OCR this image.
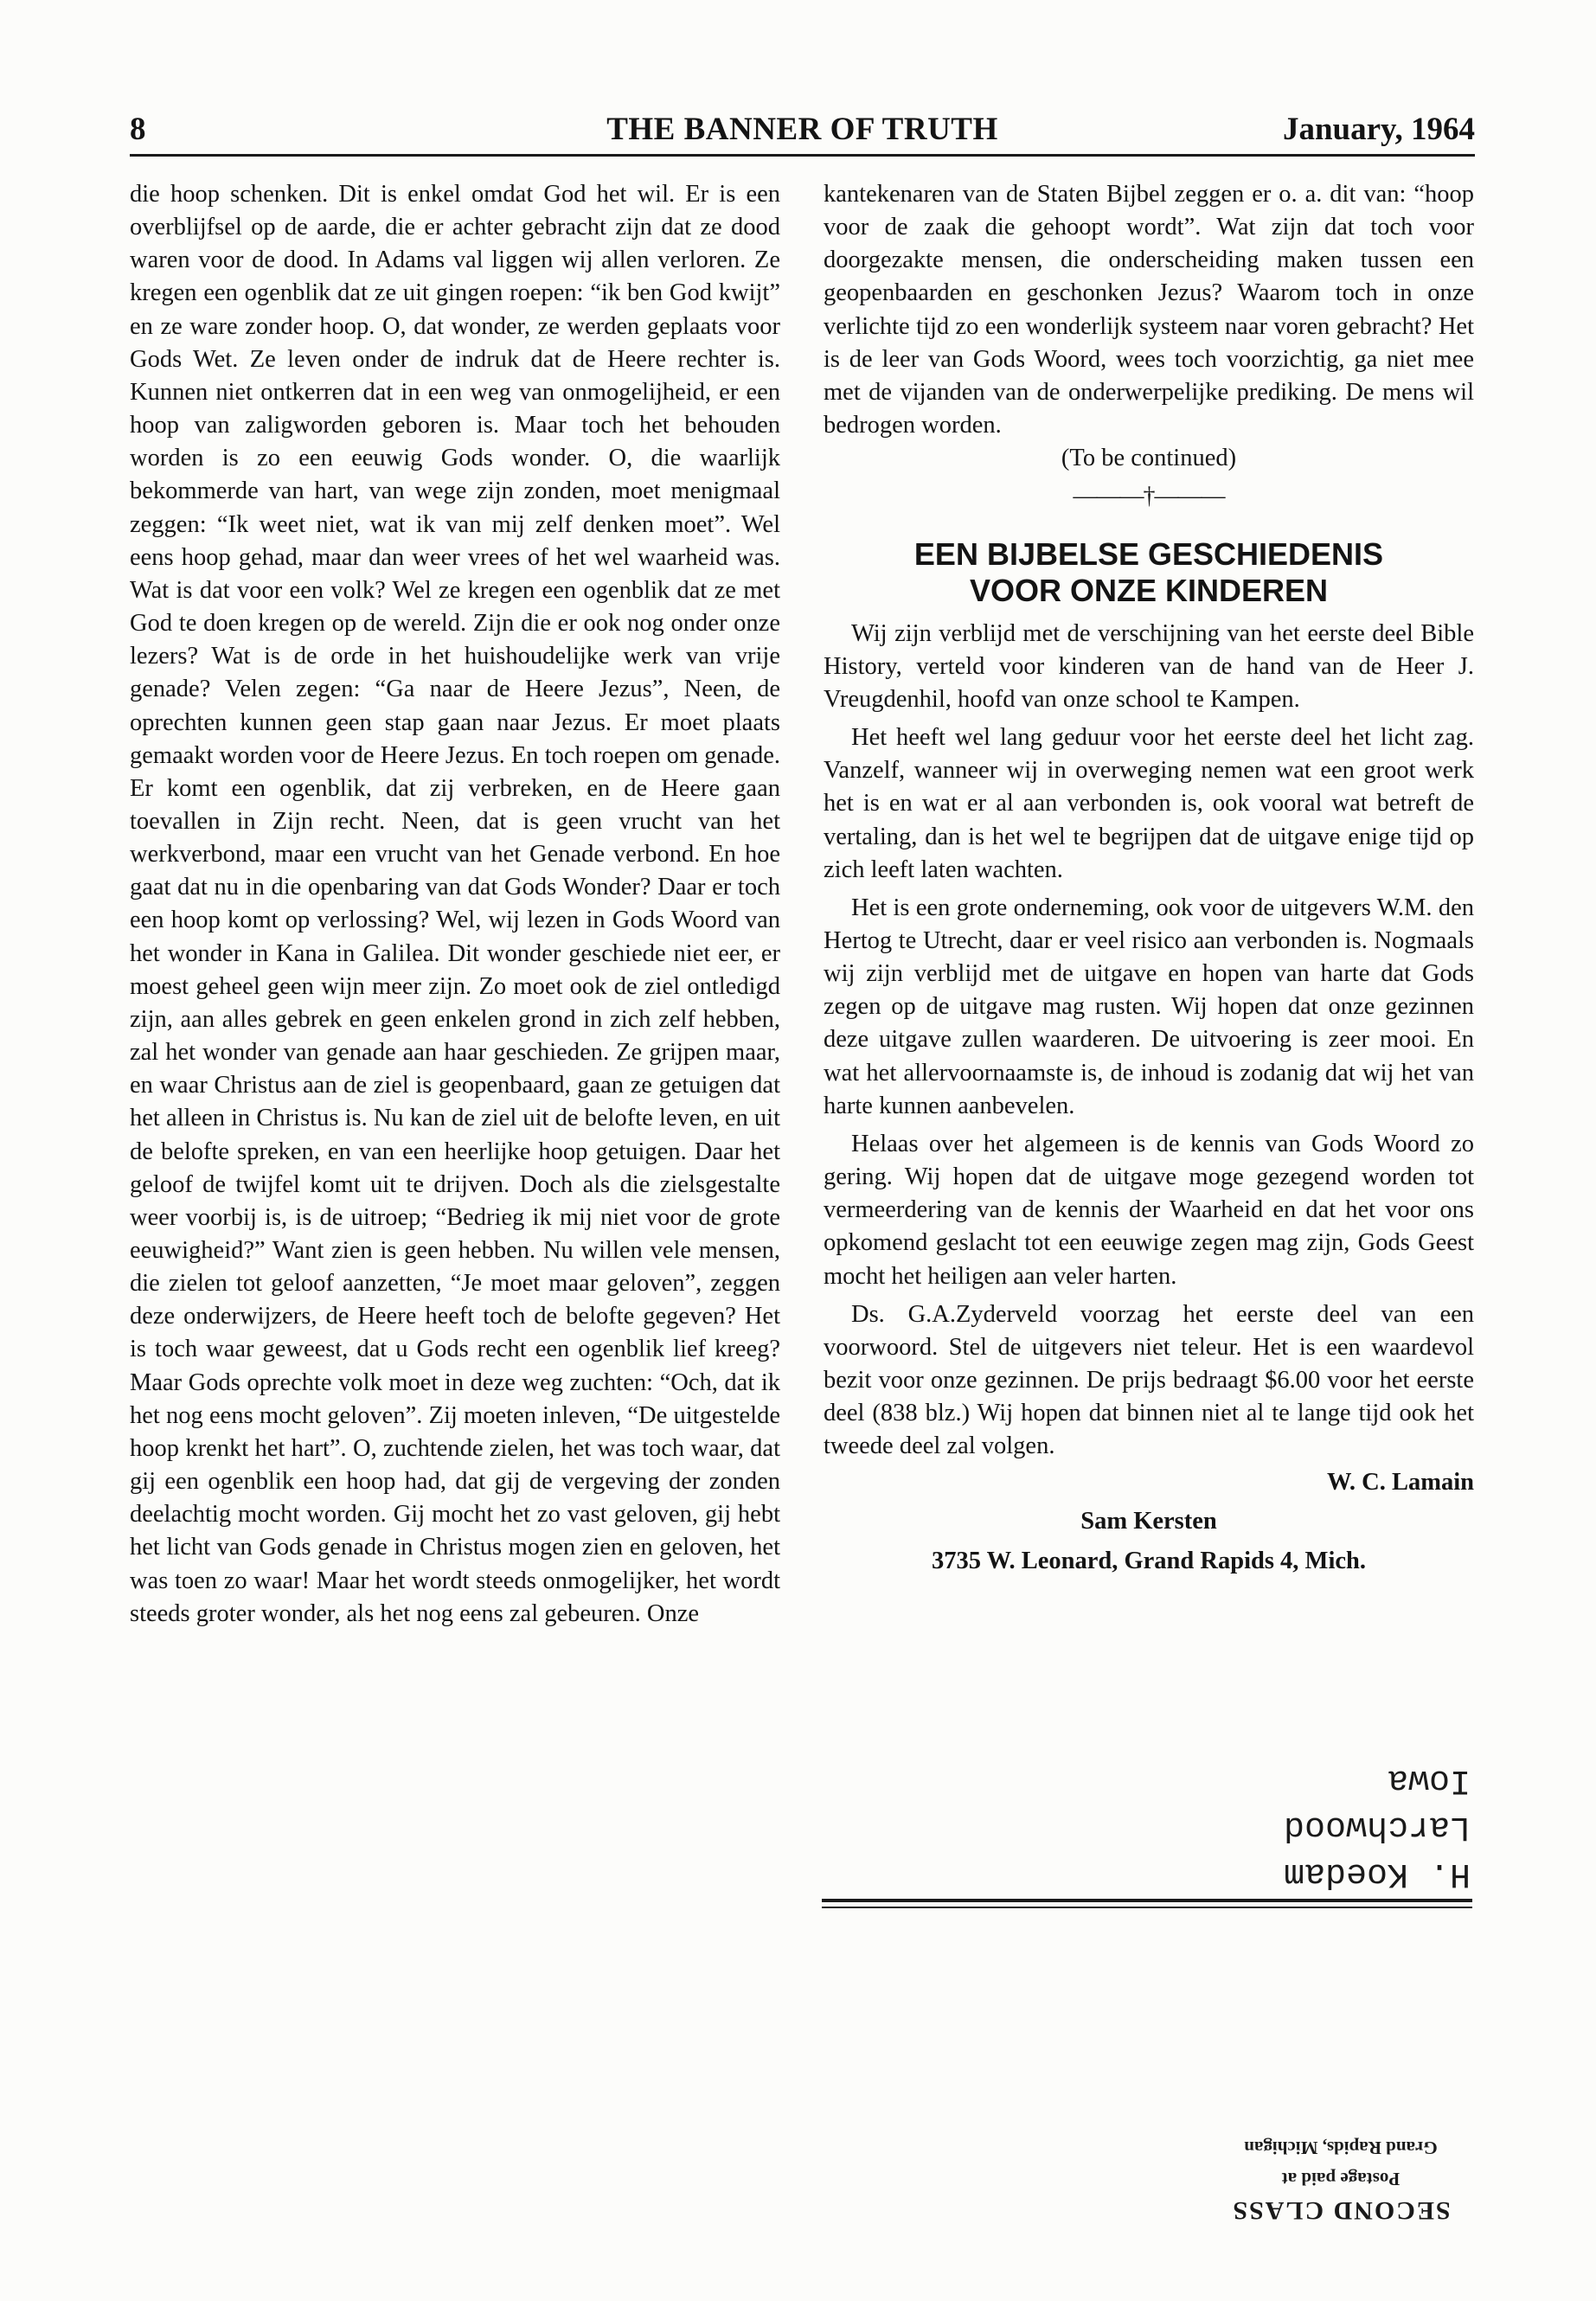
8	THE BANNER OF TRUTH	January, 1964

die hoop schenken. Dit is enkel omdat God het wil. Er is een overblijfsel op de aarde, die er achter gebracht zijn dat ze dood waren voor de dood. In Adams val liggen wij allen verloren. Ze kregen een ogenblik dat ze uit gingen roepen: “ik ben God kwijt” en ze ware zonder hoop. O, dat wonder, ze werden geplaats voor Gods Wet. Ze leven onder de indruk dat de Heere rechter is. Kunnen niet ontkerren dat in een weg van onmogelijheid, er een hoop van zaligworden geboren is. Maar toch het behouden worden is zo een eeuwig Gods wonder. O, die waarlijk bekommerde van hart, van wege zijn zonden, moet menigmaal zeggen: “Ik weet niet, wat ik van mij zelf denken moet”. Wel eens hoop gehad, maar dan weer vrees of het wel waarheid was. Wat is dat voor een volk? Wel ze kregen een ogenblik dat ze met God te doen kregen op de wereld. Zijn die er ook nog onder onze lezers? Wat is de orde in het huishoudelijke werk van vrije genade? Velen zegen: “Ga naar de Heere Jezus”, Neen, de oprechten kunnen geen stap gaan naar Jezus. Er moet plaats gemaakt worden voor de Heere Jezus. En toch roepen om genade. Er komt een ogenblik, dat zij verbreken, en de Heere gaan toevallen in Zijn recht. Neen, dat is geen vrucht van het werkverbond, maar een vrucht van het Genade verbond. En hoe gaat dat nu in die openbaring van dat Gods Wonder? Daar er toch een hoop komt op verlossing? Wel, wij lezen in Gods Woord van het wonder in Kana in Galilea. Dit wonder geschiede niet eer, er moest geheel geen wijn meer zijn. Zo moet ook de ziel ontledigd zijn, aan alles gebrek en geen enkelen grond in zich zelf hebben, zal het wonder van genade aan haar geschieden. Ze grijpen maar, en waar Christus aan de ziel is geopenbaard, gaan ze getuigen dat het alleen in Christus is. Nu kan de ziel uit de belofte leven, en uit de belofte spreken, en van een heerlijke hoop getuigen. Daar het geloof de twijfel komt uit te drijven. Doch als die zielsgestalte weer voorbij is, is de uitroep; “Bedrieg ik mij niet voor de grote eeuwigheid?” Want zien is geen hebben. Nu willen vele mensen, die zielen tot geloof aanzetten, “Je moet maar geloven”, zeggen deze onderwijzers, de Heere heeft toch de belofte gegeven? Het is toch waar geweest, dat u Gods recht een ogenblik lief kreeg? Maar Gods oprechte volk moet in deze weg zuchten: “Och, dat ik het nog eens mocht geloven”. Zij moeten inleven, “De uitgestelde hoop krenkt het hart”. O, zuchtende zielen, het was toch waar, dat gij een ogenblik een hoop had, dat gij de vergeving der zonden deelachtig mocht worden. Gij mocht het zo vast geloven, gij hebt het licht van Gods genade in Christus mogen zien en geloven, het was toen zo waar! Maar het wordt steeds onmogelijker, het wordt steeds groter wonder, als het nog eens zal gebeuren. Onze

kantekenaren van de Staten Bijbel zeggen er o. a. dit van: “hoop voor de zaak die gehoopt wordt”. Wat zijn dat toch voor doorgezakte mensen, die onderscheiding maken tussen een geopenbaarden en geschonken Jezus? Waarom toch in onze verlichte tijd zo een wonderlijk systeem naar voren gebracht? Het is de leer van Gods Woord, wees toch voorzichtig, ga niet mee met de vijanden van de onderwerpelijke prediking. De mens wil bedrogen worden.

(To be continued)

———†———
EEN BIJBELSE GESCHIEDENIS
VOOR ONZE KINDEREN

Wij zijn verblijd met de verschijning van het eerste deel Bible History, verteld voor kinderen van de hand van de Heer J. Vreugdenhil, hoofd van onze school te Kampen.

Het heeft wel lang geduur voor het eerste deel het licht zag. Vanzelf, wanneer wij in overweging nemen wat een groot werk het is en wat er al aan verbonden is, ook vooral wat betreft de vertaling, dan is het wel te begrijpen dat de uitgave enige tijd op zich leeft laten wachten.

Het is een grote onderneming, ook voor de uitgevers W.M. den Hertog te Utrecht, daar er veel risico aan verbonden is. Nogmaals wij zijn verblijd met de uitgave en hopen van harte dat Gods zegen op de uitgave mag rusten. Wij hopen dat onze gezinnen deze uitgave zullen waarderen. De uitvoering is zeer mooi. En wat het allervoornaamste is, de inhoud is zodanig dat wij het van harte kunnen aanbevelen.

Helaas over het algemeen is de kennis van Gods Woord zo gering. Wij hopen dat de uitgave moge gezegend worden tot vermeerdering van de kennis der Waarheid en dat het voor ons opkomend geslacht tot een eeuwige zegen mag zijn, Gods Geest mocht het heiligen aan veler harten.

Ds. G.A.Zyderveld voorzag het eerste deel van een voorwoord. Stel de uitgevers niet teleur. Het is een waardevol bezit voor onze gezinnen. De prijs bedraagt $6.00 voor het eerste deel (838 blz.) Wij hopen dat binnen niet al te lange tijd ook het tweede deel zal volgen.

W. C. Lamain
Sam Kersten
3735 W. Leonard, Grand Rapids 4, Mich.
H. Koedam
Larchwood
Iowa
SECOND CLASS
Postage paid at
Grand Rapids, Michigan
